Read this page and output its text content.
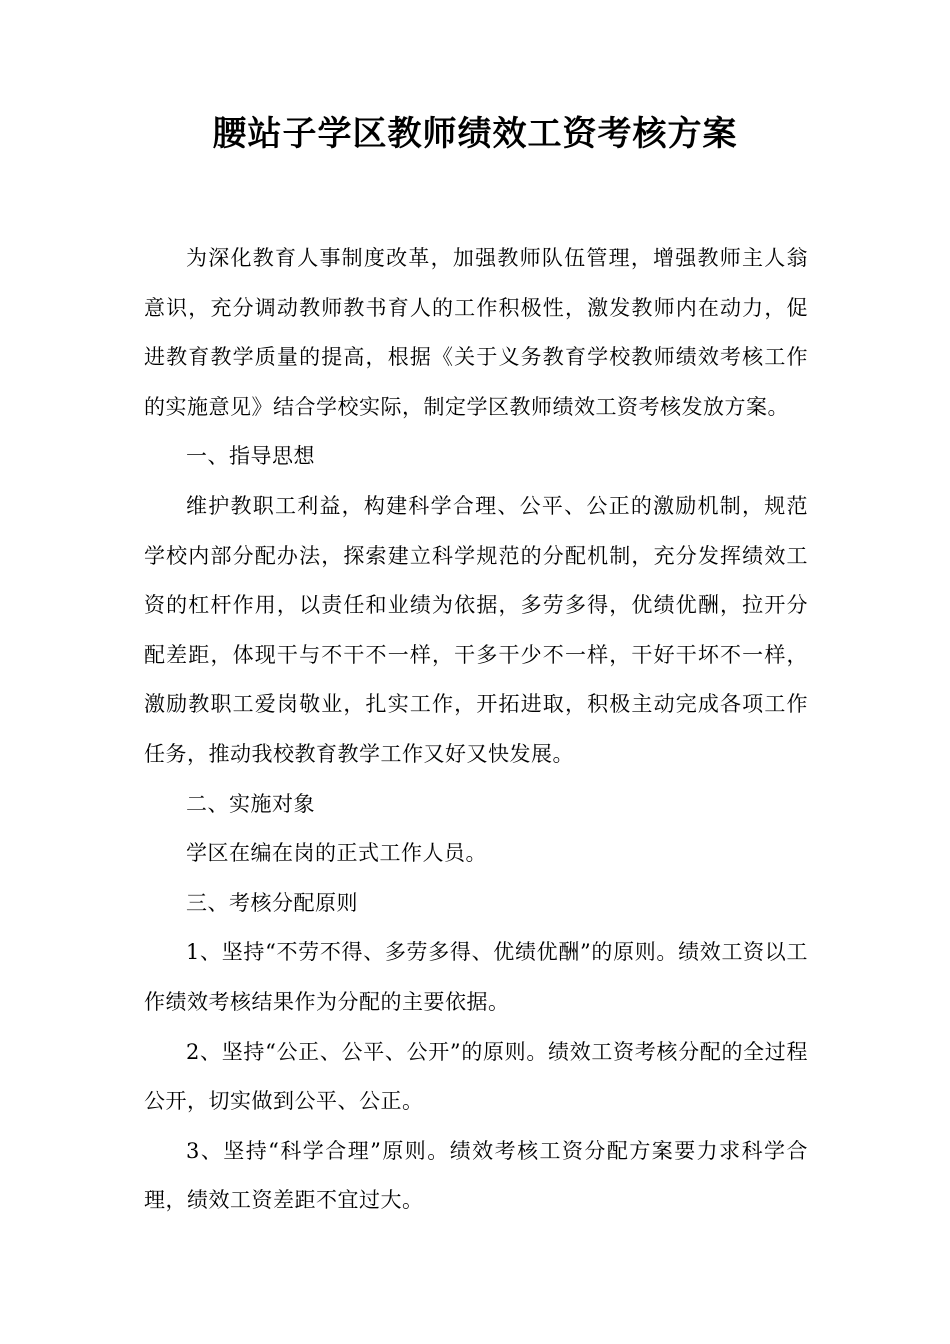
腰站子学区教师绩效工资考核方案

为深化教育人事制度改革，加强教师队伍管理，增强教师主人翁意识，充分调动教师教书育人的工作积极性，激发教师内在动力，促进教育教学质量的提高，根据《关于义务教育学校教师绩效考核工作的实施意见》结合学校实际，制定学区教师绩效工资考核发放方案。

一、指导思想

维护教职工利益，构建科学合理、公平、公正的激励机制，规范学校内部分配办法，探索建立科学规范的分配机制，充分发挥绩效工资的杠杆作用，以责任和业绩为依据，多劳多得，优绩优酬，拉开分配差距，体现干与不干不一样，干多干少不一样，干好干坏不一样，激励教职工爱岗敬业，扎实工作，开拓进取，积极主动完成各项工作任务，推动我校教育教学工作又好又快发展。

二、实施对象

学区在编在岗的正式工作人员。

三、考核分配原则

1、坚持“不劳不得、多劳多得、优绩优酬”的原则。绩效工资以工作绩效考核结果作为分配的主要依据。

2、坚持“公正、公平、公开”的原则。绩效工资考核分配的全过程公开，切实做到公平、公正。

3、坚持“科学合理”原则。绩效考核工资分配方案要力求科学合理，绩效工资差距不宜过大。
